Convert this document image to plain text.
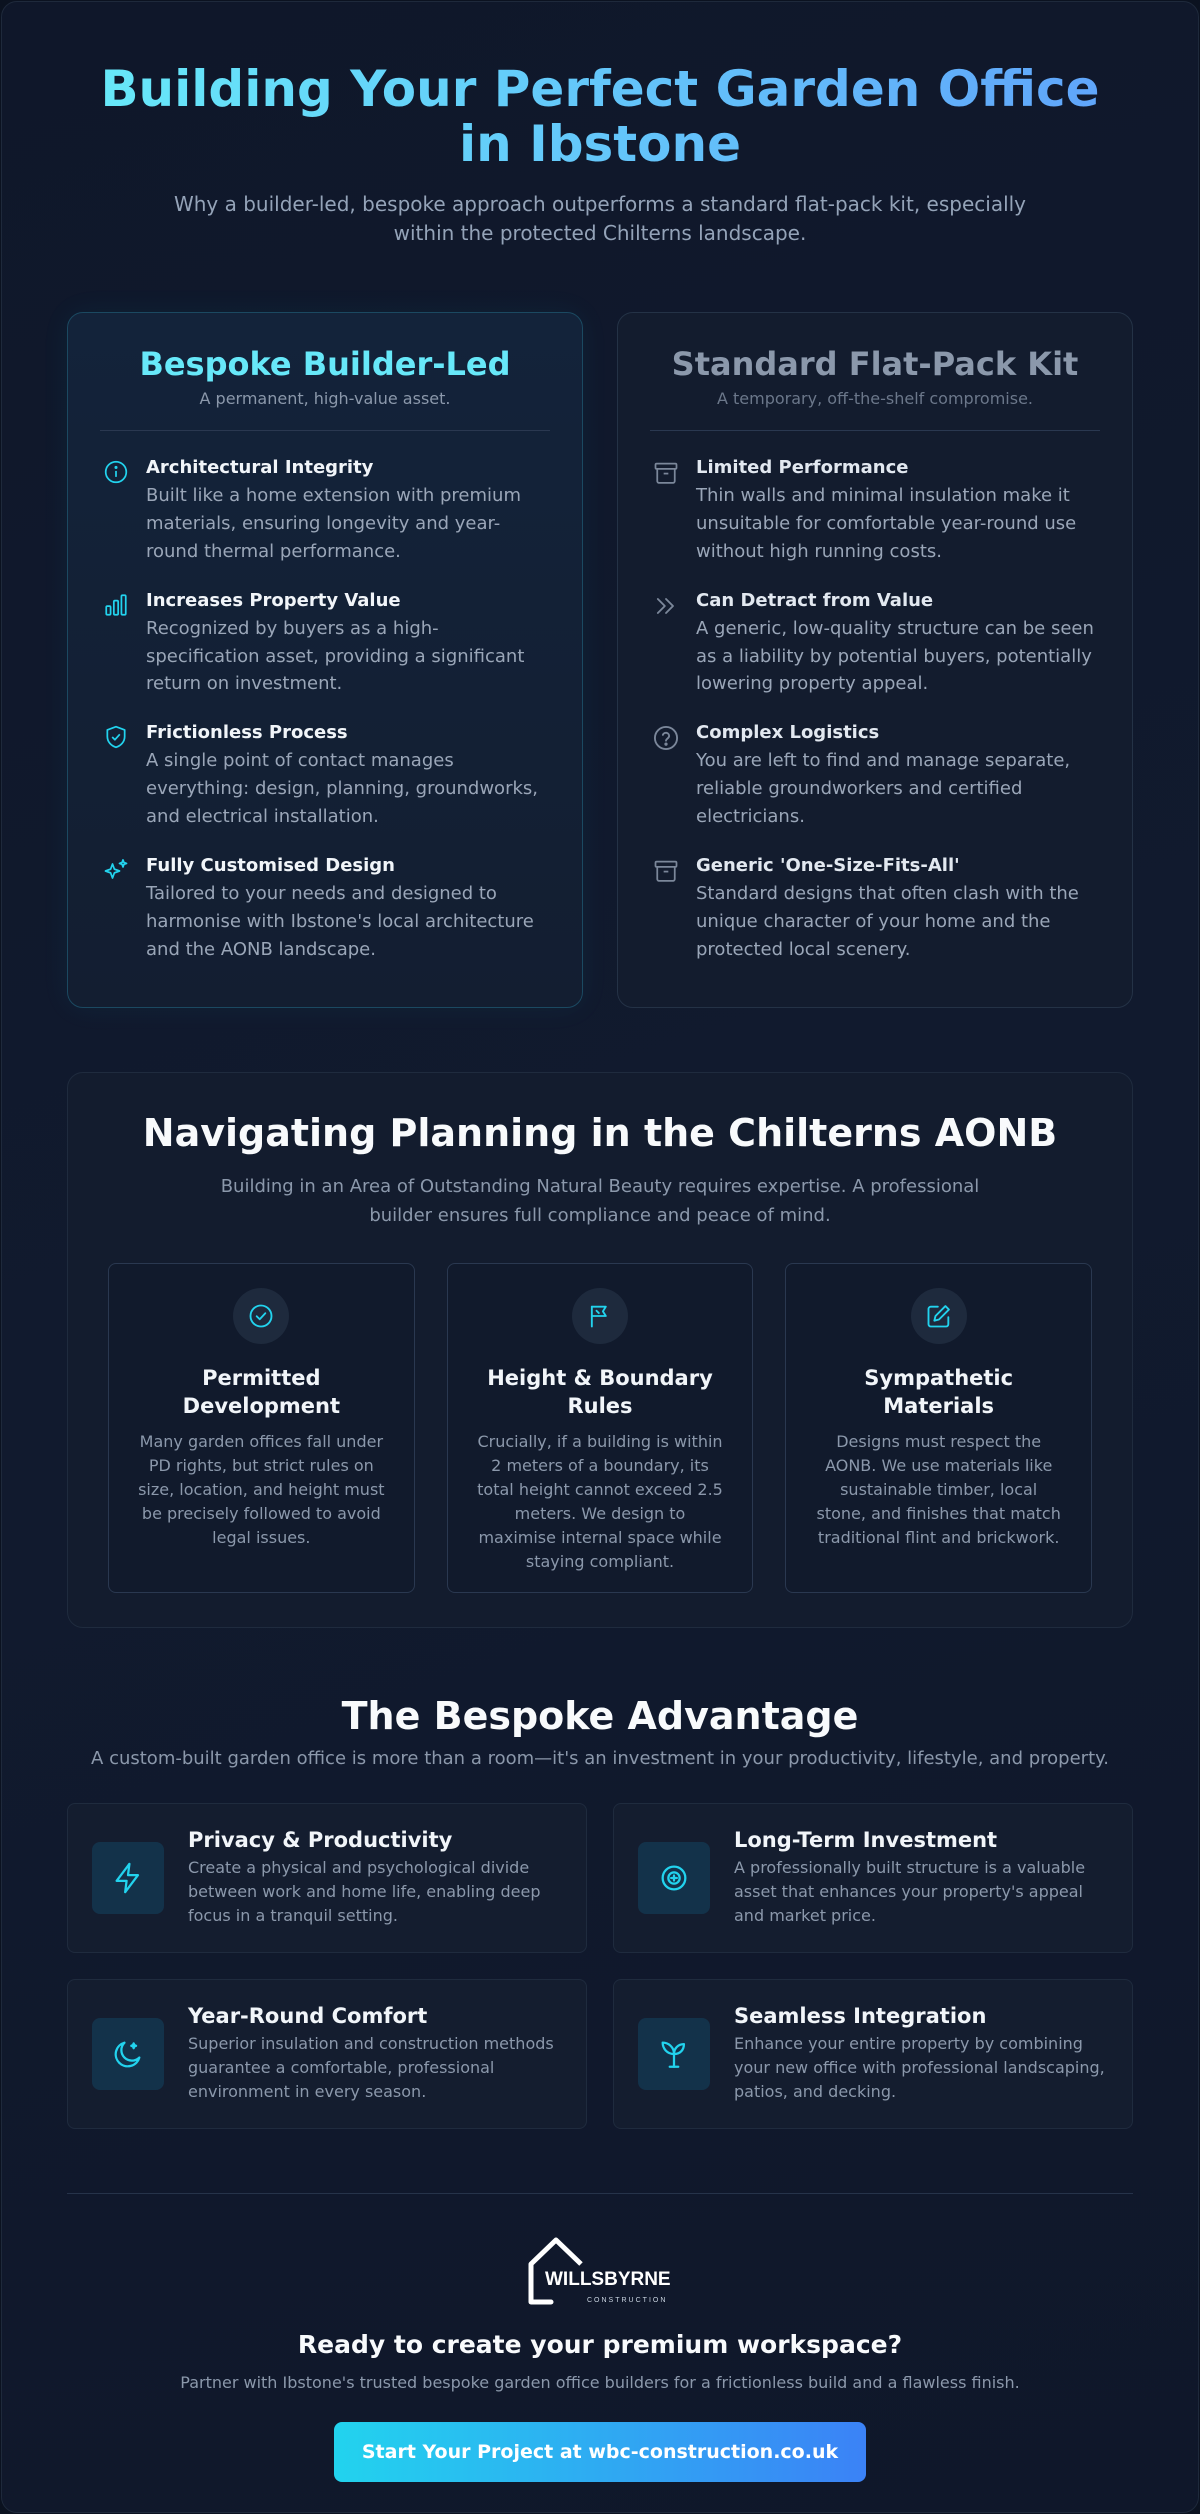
Building Your Perfect Garden Office in Ibstone

Why a builder-led, bespoke approach outperforms a standard flat-pack kit, especially within the protected Chilterns landscape.

Bespoke Builder-Led
A permanent, high-value asset.
Architectural Integrity

Built like a home extension with premium materials, ensuring longevity and year-round thermal performance.

Increases Property Value

Recognized by buyers as a high-specification asset, providing a significant return on investment.

Frictionless Process

A single point of contact manages everything: design, planning, groundworks, and electrical installation.

Fully Customised Design

Tailored to your needs and designed to harmonise with Ibstone's local architecture and the AONB landscape.

Standard Flat-Pack Kit
A temporary, off-the-shelf compromise.
Limited Performance

Thin walls and minimal insulation make it unsuitable for comfortable year-round use without high running costs.

Can Detract from Value

A generic, low-quality structure can be seen as a liability by potential buyers, potentially lowering property appeal.

Complex Logistics

You are left to find and manage separate, reliable groundworkers and certified electricians.

Generic 'One-Size-Fits-All'

Standard designs that often clash with the unique character of your home and the protected local scenery.

Navigating Planning in the Chilterns AONB

Building in an Area of Outstanding Natural Beauty requires expertise. A professional builder ensures full compliance and peace of mind.

Permitted Development

Many garden offices fall under PD rights, but strict rules on size, location, and height must be precisely followed to avoid legal issues.

Height & Boundary Rules

Crucially, if a building is within 2 meters of a boundary, its total height cannot exceed 2.5 meters. We design to maximise internal space while staying compliant.

Sympathetic Materials

Designs must respect the AONB. We use materials like sustainable timber, local stone, and finishes that match traditional flint and brickwork.

The Bespoke Advantage

A custom-built garden office is more than a room—it's an investment in your productivity, lifestyle, and property.

Privacy & Productivity

Create a physical and psychological divide between work and home life, enabling deep focus in a tranquil setting.

Long-Term Investment

A professionally built structure is a valuable asset that enhances your property's appeal and market price.

Year-Round Comfort

Superior insulation and construction methods guarantee a comfortable, professional environment in every season.

Seamless Integration

Enhance your entire property by combining your new office with professional landscaping, patios, and decking.

WILLSBYRNE
CONSTRUCTION
Ready to create your premium workspace?

Partner with Ibstone's trusted bespoke garden office builders for a frictionless build and a flawless finish.

Start Your Project at wbc-construction.co.uk
